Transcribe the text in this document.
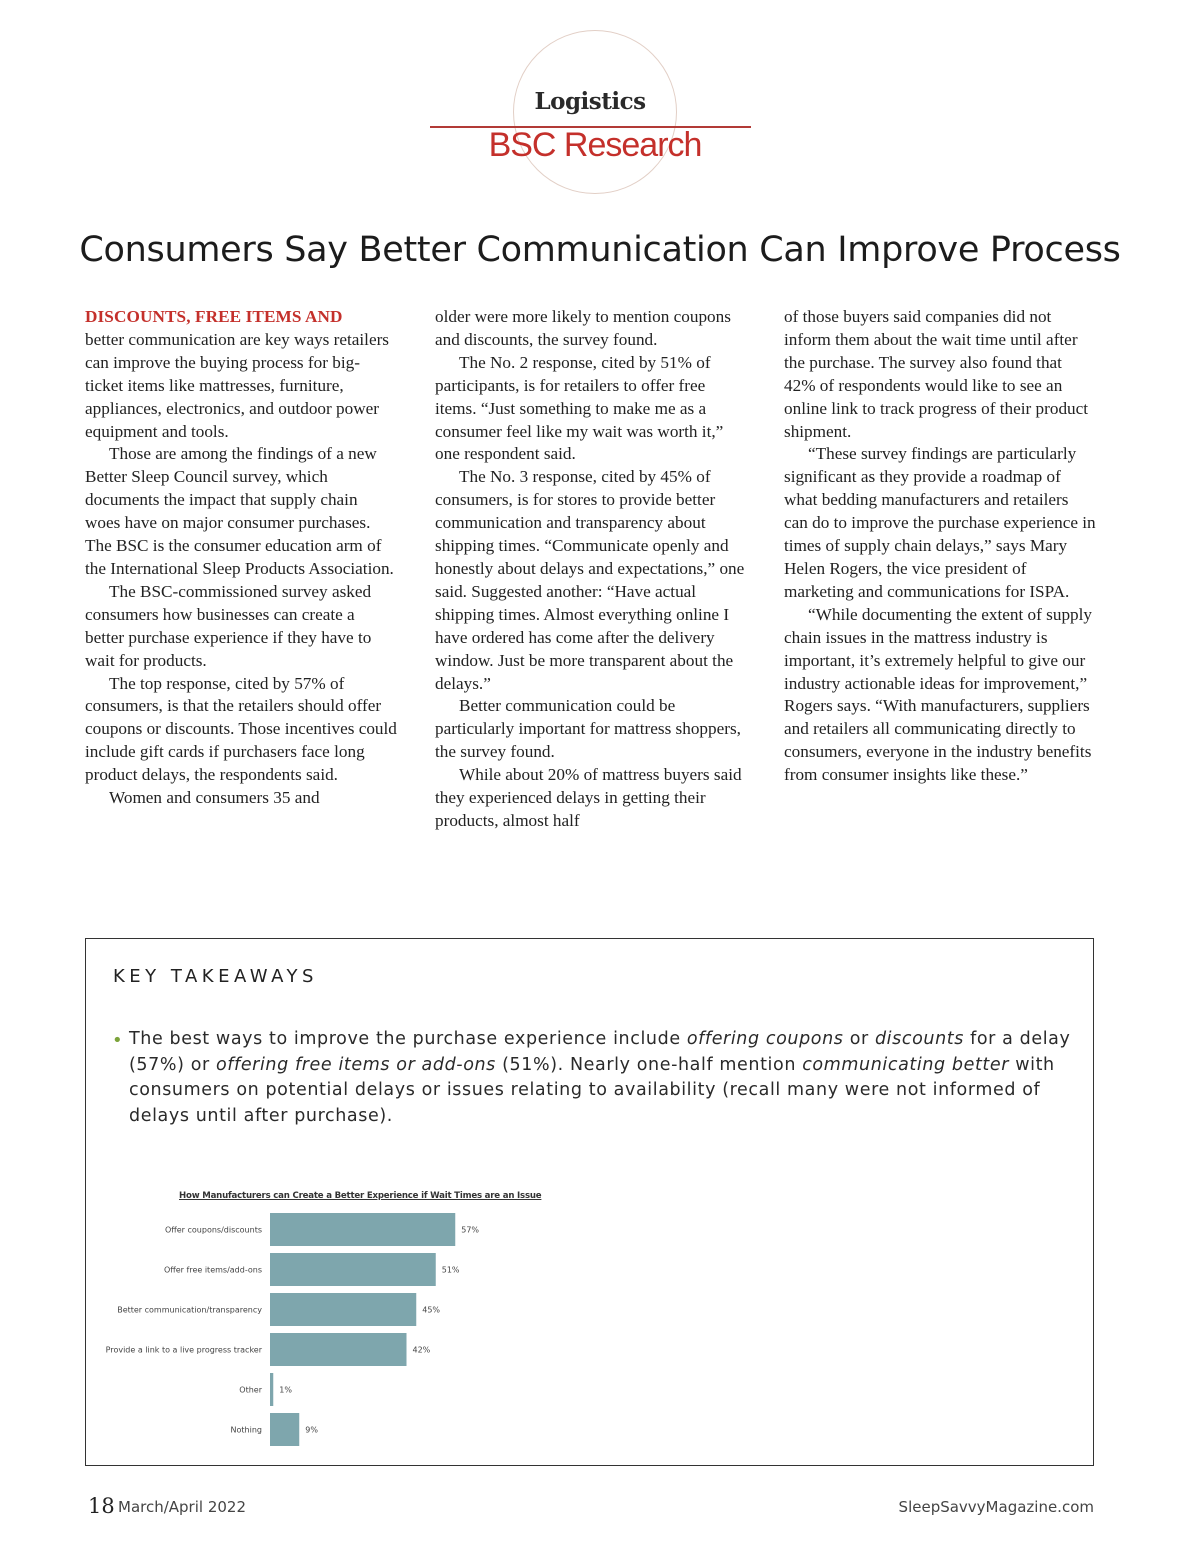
Logistics
BSC Research
Consumers Say Better Communication Can Improve Process

DISCOUNTS, FREE ITEMS AND
better communication are key ways retailers can improve the buying process for big-ticket items like mattresses, furniture, appliances, electronics, and outdoor power equipment and tools.

Those are among the findings of a new Better Sleep Council survey, which documents the impact that supply chain woes have on major consumer purchases. The BSC is the consumer education arm of the International Sleep Products Association.

The BSC-commissioned survey asked consumers how businesses can create a better purchase experience if they have to wait for products.

The top response, cited by 57% of consumers, is that the retailers should offer coupons or discounts. Those incentives could include gift cards if purchasers face long product delays, the respondents said.

Women and consumers 35 and

older were more likely to mention coupons and discounts, the survey found.

The No. 2 response, cited by 51% of participants, is for retailers to offer free items. “Just something to make me as a consumer feel like my wait was worth it,” one respondent said.

The No. 3 response, cited by 45% of consumers, is for stores to provide better communication and transparency about shipping times. “Communicate openly and honestly about delays and expectations,” one said. Suggested another: “Have actual shipping times. Almost everything online I have ordered has come after the delivery window. Just be more transparent about the delays.”

Better communication could be particularly important for mattress shoppers, the survey found.

While about 20% of mattress buyers said they experienced delays in getting their products, almost half

of those buyers said companies did not inform them about the wait time until after the purchase. The survey also found that 42% of respondents would like to see an online link to track progress of their product shipment.

“These survey findings are particularly significant as they provide a roadmap of what bedding manufacturers and retailers can do to improve the purchase experience in times of supply chain delays,” says Mary Helen Rogers, the vice president of marketing and communications for ISPA.

“While documenting the extent of supply chain issues in the mattress industry is important, it’s extremely helpful to give our industry actionable ideas for improvement,” Rogers says. “With manufacturers, suppliers and retailers all communicating directly to consumers, everyone in the industry benefits from consumer insights like these.”

KEY TAKEAWAYS
• The best ways to improve the purchase experience include offering coupons or discounts for a delay (57%) or offering free items or add-ons (51%). Nearly one-half mention communicating better with consumers on potential delays or issues relating to availability (recall many were not informed of delays until after purchase).
How Manufacturers can Create a Better Experience if Wait Times are an Issue
Offer coupons/discounts	57%
Offer free items/add-ons	51%
Better communication/transparency	45%
Provide a link to a live progress tracker	42%
Other 1%
Nothing	9%
18 March/April 2022	SleepSavvyMagazine.com
